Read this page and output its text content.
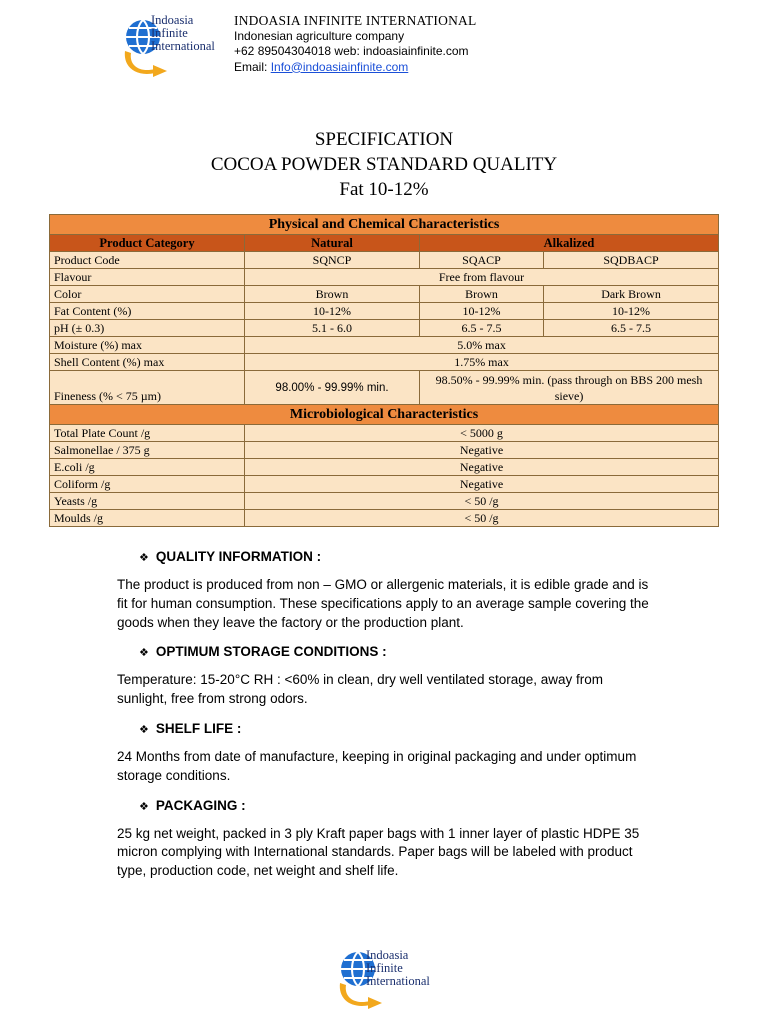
Indoasia
Infinite
International
INDOASIA INFINITE INTERNATIONAL
Indonesian agriculture company
+62 89504304018 web: indoasiainfinite.com
Email: Info@indoasiainfinite.com
SPECIFICATION
COCOA POWDER STANDARD QUALITY
Fat 10-12%
Physical and Chemical Characteristics			
Product Category	Natural	Alkalized	
Product Code	SQNCP	SQACP	SQDBACP
Flavour	Free from flavour		
Color	Brown	Brown	Dark Brown
Fat Content (%)	10-12%	10-12%	10-12%
pH (± 0.3)	5.1 - 6.0	6.5 - 7.5	6.5 - 7.5
Moisture (%) max	5.0% max		
Shell Content (%) max	1.75% max		
Fineness (% < 75 µm)	98.00% - 99.99% min.	98.50% - 99.99% min. (pass through on BBS 200 mesh sieve)	
Microbiological Characteristics			
Total Plate Count /g	< 5000 g		
Salmonellae / 375 g	Negative		
E.coli /g	Negative		
Coliform /g	Negative		
Yeasts /g	< 50 /g		
Moulds /g	< 50 /g		
❖ QUALITY INFORMATION :

The product is produced from non – GMO or allergenic materials, it is edible grade and is fit for human consumption. These specifications apply to an average sample covering the goods when they leave the factory or the production plant.

❖ OPTIMUM STORAGE CONDITIONS :

Temperature: 15-20°C RH : <60% in clean, dry well ventilated storage, away from sunlight, free from strong odors.

❖ SHELF LIFE :

24 Months from date of manufacture, keeping in original packaging and under optimum storage conditions.

❖ PACKAGING :

25 kg net weight, packed in 3 ply Kraft paper bags with 1 inner layer of plastic HDPE 35 micron complying with International standards. Paper bags will be labeled with product type, production code, net weight and shelf life.

Indoasia
Infinite
International
